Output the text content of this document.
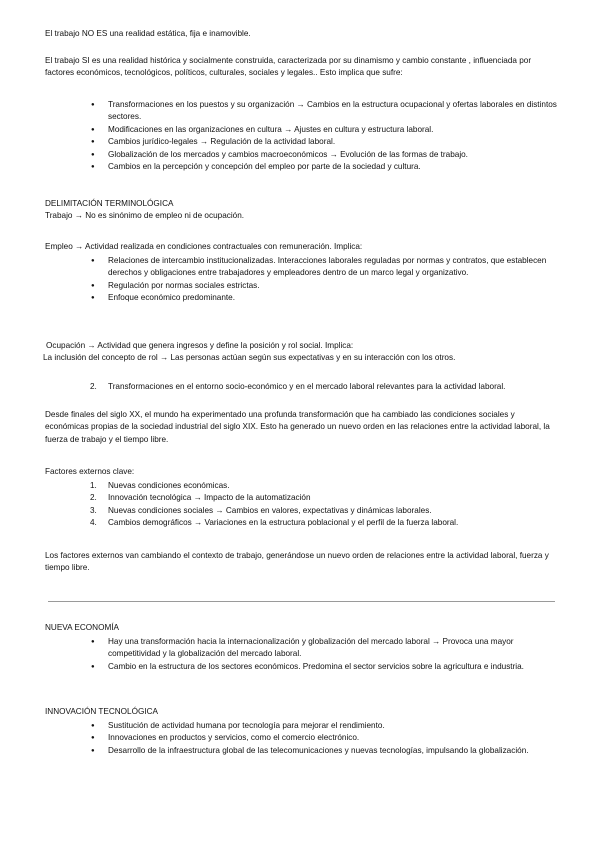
El trabajo NO ES una realidad estática, fija e inamovible.

El trabajo SI es una realidad histórica y socialmente construida, caracterizada por su dinamismo y cambio constante , influenciada por factores económicos, tecnológicos, políticos, culturales, sociales y legales.. Esto implica que sufre:

● Transformaciones en los puestos y su organización → Cambios en la estructura ocupacional y ofertas laborales en distintos sectores.
● Modificaciones en las organizaciones en cultura → Ajustes en cultura y estructura laboral.
● Cambios jurídico-legales → Regulación de la actividad laboral.
● Globalización de los mercados y cambios macroeconómicos → Evolución de las formas de trabajo.
● Cambios en la percepción y concepción del empleo por parte de la sociedad y cultura.

DELIMITACIÓN TERMINOLÓGICA

Trabajo → No es sinónimo de empleo ni de ocupación.

Empleo → Actividad realizada en condiciones contractuales con remuneración. Implica:

● Relaciones de intercambio institucionalizadas. Interacciones laborales reguladas por normas y contratos, que establecen derechos y obligaciones entre trabajadores y empleadores dentro de un marco legal y organizativo.
● Regulación por normas sociales estrictas.
● Enfoque económico predominante.

Ocupación → Actividad que genera ingresos y define la posición y rol social. Implica:

La inclusión del concepto de rol → Las personas actúan según sus expectativas y en su interacción con los otros.

2. Transformaciones en el entorno socio-económico y en el mercado laboral relevantes para la actividad laboral.

Desde finales del siglo XX, el mundo ha experimentado una profunda transformación que ha cambiado las condiciones sociales y económicas propias de la sociedad industrial del siglo XIX. Esto ha generado un nuevo orden en las relaciones entre la actividad laboral, la fuerza de trabajo y el tiempo libre.

Factores externos clave:

1. Nuevas condiciones económicas.
2. Innovación tecnológica → Impacto de la automatización
3. Nuevas condiciones sociales → Cambios en valores, expectativas y dinámicas laborales.
4. Cambios demográficos → Variaciones en la estructura poblacional y el perfil de la fuerza laboral.

Los factores externos van cambiando el contexto de trabajo, generándose un nuevo orden de relaciones entre la actividad laboral, fuerza y tiempo libre.

NUEVA ECONOMÍA

● Hay una transformación hacia la internacionalización y globalización del mercado laboral → Provoca una mayor competitividad y la globalización del mercado laboral.
● Cambio en la estructura de los sectores económicos. Predomina el sector servicios sobre la agricultura e industria.

INNOVACIÓN TECNOLÓGICA

● Sustitución de actividad humana por tecnología para mejorar el rendimiento.
● Innovaciones en productos y servicios, como el comercio electrónico.
● Desarrollo de la infraestructura global de las telecomunicaciones y nuevas tecnologías, impulsando la globalización.
